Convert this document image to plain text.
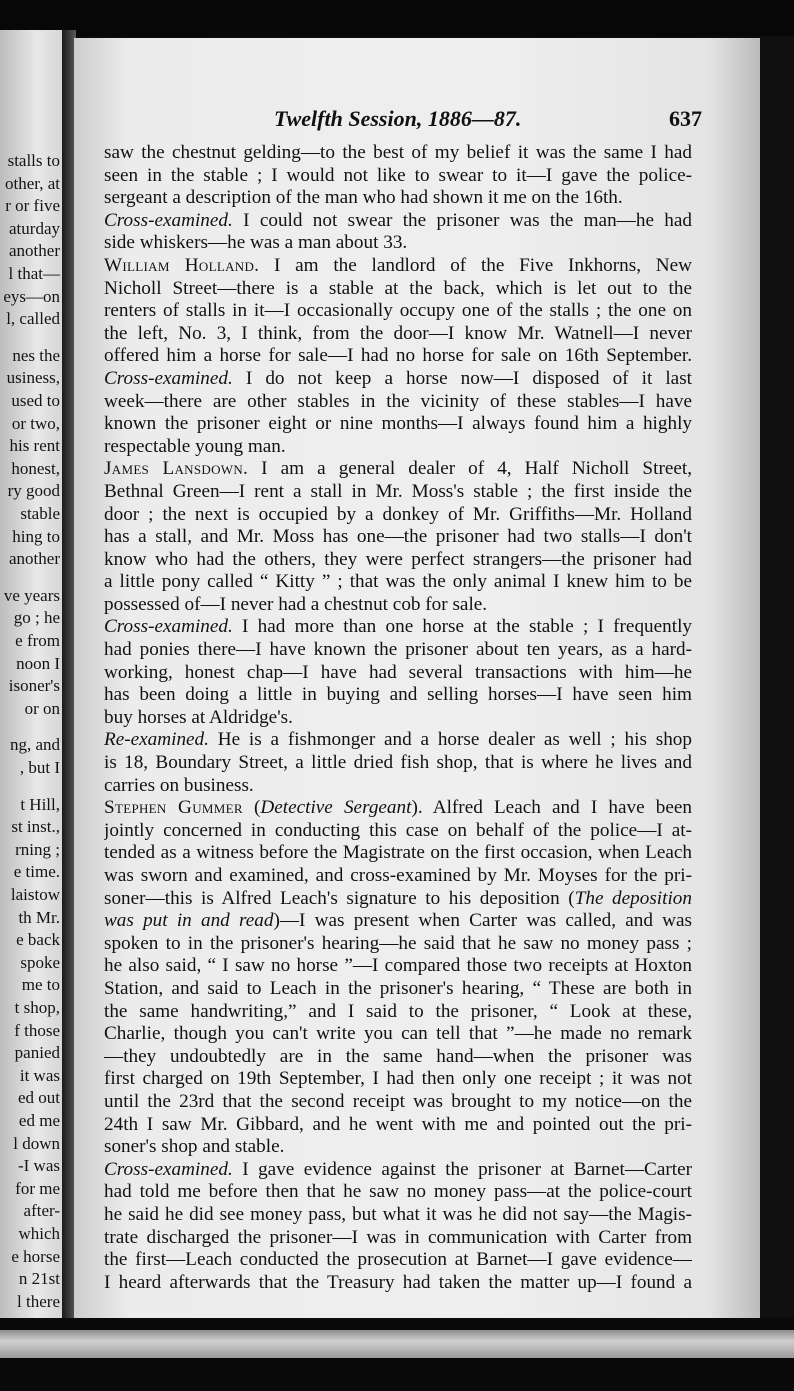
stalls to
other, at
r or five
aturday
another
l that—
eys—on
l, called
nes the
usiness,
used to
or two,
his rent
honest,
ry good
stable
hing to
another
ve years
go ; he
e from
noon I
isoner's
or on
ng, and
, but I
t Hill,
st inst.,
rning ;
e time.
laistow
th Mr.
e back
spoke
me to
t shop,
f those
panied
it was
ed out
ed me
l down
-I was
for me
after-
which
e horse
n 21st
l there
Twelfth Session, 1886—87.	637
saw the chestnut gelding—to the best of my belief it was the same I had
seen in the stable ; I would not like to swear to it—I gave the police-
sergeant a description of the man who had shown it me on the 16th.
Cross-examined. I could not swear the prisoner was the man—he had
side whiskers—he was a man about 33.
William Holland. I am the landlord of the Five Inkhorns, New
Nicholl Street—there is a stable at the back, which is let out to the
renters of stalls in it—I occasionally occupy one of the stalls ; the one on
the left, No. 3, I think, from the door—I know Mr. Watnell—I never
offered him a horse for sale—I had no horse for sale on 16th September.
Cross-examined. I do not keep a horse now—I disposed of it last
week—there are other stables in the vicinity of these stables—I have
known the prisoner eight or nine months—I always found him a highly
respectable young man.
James Lansdown. I am a general dealer of 4, Half Nicholl Street,
Bethnal Green—I rent a stall in Mr. Moss's stable ; the first inside the
door ; the next is occupied by a donkey of Mr. Griffiths—Mr. Holland
has a stall, and Mr. Moss has one—the prisoner had two stalls—I don't
know who had the others, they were perfect strangers—the prisoner had
a little pony called “ Kitty ” ; that was the only animal I knew him to be
possessed of—I never had a chestnut cob for sale.
Cross-examined. I had more than one horse at the stable ; I frequently
had ponies there—I have known the prisoner about ten years, as a hard-
working, honest chap—I have had several transactions with him—he
has been doing a little in buying and selling horses—I have seen him
buy horses at Aldridge's.
Re-examined. He is a fishmonger and a horse dealer as well ; his shop
is 18, Boundary Street, a little dried fish shop, that is where he lives and
carries on business.
Stephen Gummer (Detective Sergeant). Alfred Leach and I have been
jointly concerned in conducting this case on behalf of the police—I at-
tended as a witness before the Magistrate on the first occasion, when Leach
was sworn and examined, and cross-examined by Mr. Moyses for the pri-
soner—this is Alfred Leach's signature to his deposition (The deposition
was put in and read)—I was present when Carter was called, and was
spoken to in the prisoner's hearing—he said that he saw no money pass ;
he also said, “ I saw no horse ”—I compared those two receipts at Hoxton
Station, and said to Leach in the prisoner's hearing, “ These are both in
the same handwriting,” and I said to the prisoner, “ Look at these,
Charlie, though you can't write you can tell that ”—he made no remark
—they undoubtedly are in the same hand—when the prisoner was
first charged on 19th September, I had then only one receipt ; it was not
until the 23rd that the second receipt was brought to my notice—on the
24th I saw Mr. Gibbard, and he went with me and pointed out the pri-
soner's shop and stable.
Cross-examined. I gave evidence against the prisoner at Barnet—Carter
had told me before then that he saw no money pass—at the police-court
he said he did see money pass, but what it was he did not say—the Magis-
trate discharged the prisoner—I was in communication with Carter from
the first—Leach conducted the prosecution at Barnet—I gave evidence—
I heard afterwards that the Treasury had taken the matter up—I found a
